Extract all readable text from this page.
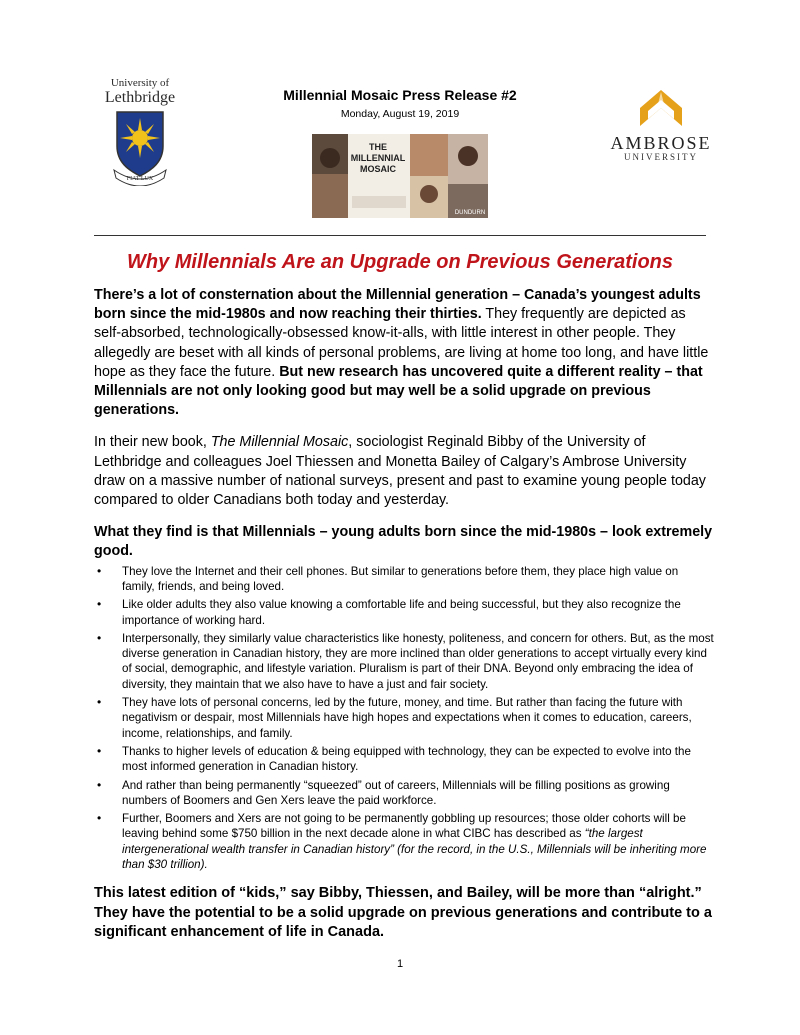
University of
Lethbridge
FIAT LUX
Millennial Mosaic Press Release #2
Monday, August 19, 2019
THE
MILLENNIAL
MOSAIC
DUNDURN
AMBROSE
UNIVERSITY
Why Millennials Are an Upgrade on Previous Generations

There’s a lot of consternation about the Millennial generation – Canada’s youngest adults born since the mid-1980s and now reaching their thirties. They frequently are depicted as self-absorbed, technologically-obsessed know-it-alls, with little interest in other people. They allegedly are beset with all kinds of personal problems, are living at home too long, and have little hope as they face the future. But new research has uncovered quite a different reality – that Millennials are not only looking good but may well be a solid upgrade on previous generations.

In their new book, The Millennial Mosaic, sociologist Reginald Bibby of the University of Lethbridge and colleagues Joel Thiessen and Monetta Bailey of Calgary’s Ambrose University draw on a massive number of national surveys, present and past to examine young people today compared to older Canadians both today and yesterday.

What they find is that Millennials – young adults born since the mid-1980s – look extremely good.

• They love the Internet and their cell phones. But similar to generations before them, they place high value on family, friends, and being loved.
• Like older adults they also value knowing a comfortable life and being successful, but they also recognize the importance of working hard.
• Interpersonally, they similarly value characteristics like honesty, politeness, and concern for others. But, as the most diverse generation in Canadian history, they are more inclined than older generations to accept virtually every kind of social, demographic, and lifestyle variation. Pluralism is part of their DNA. Beyond only embracing the idea of diversity, they maintain that we also have to have a just and fair society.
• They have lots of personal concerns, led by the future, money, and time. But rather than facing the future with negativism or despair, most Millennials have high hopes and expectations when it comes to education, careers, income, relationships, and family.
• Thanks to higher levels of education & being equipped with technology, they can be expected to evolve into the most informed generation in Canadian history.
• And rather than being permanently “squeezed” out of careers, Millennials will be filling positions as growing numbers of Boomers and Gen Xers leave the paid workforce.
• Further, Boomers and Xers are not going to be permanently gobbling up resources; those older cohorts will be leaving behind some $750 billion in the next decade alone in what CIBC has described as “the largest intergenerational wealth transfer in Canadian history” (for the record, in the U.S., Millennials will be inheriting more than $30 trillion).

This latest edition of “kids,” say Bibby, Thiessen, and Bailey, will be more than “alright.” They have the potential to be a solid upgrade on previous generations and contribute to a significant enhancement of life in Canada.

1
